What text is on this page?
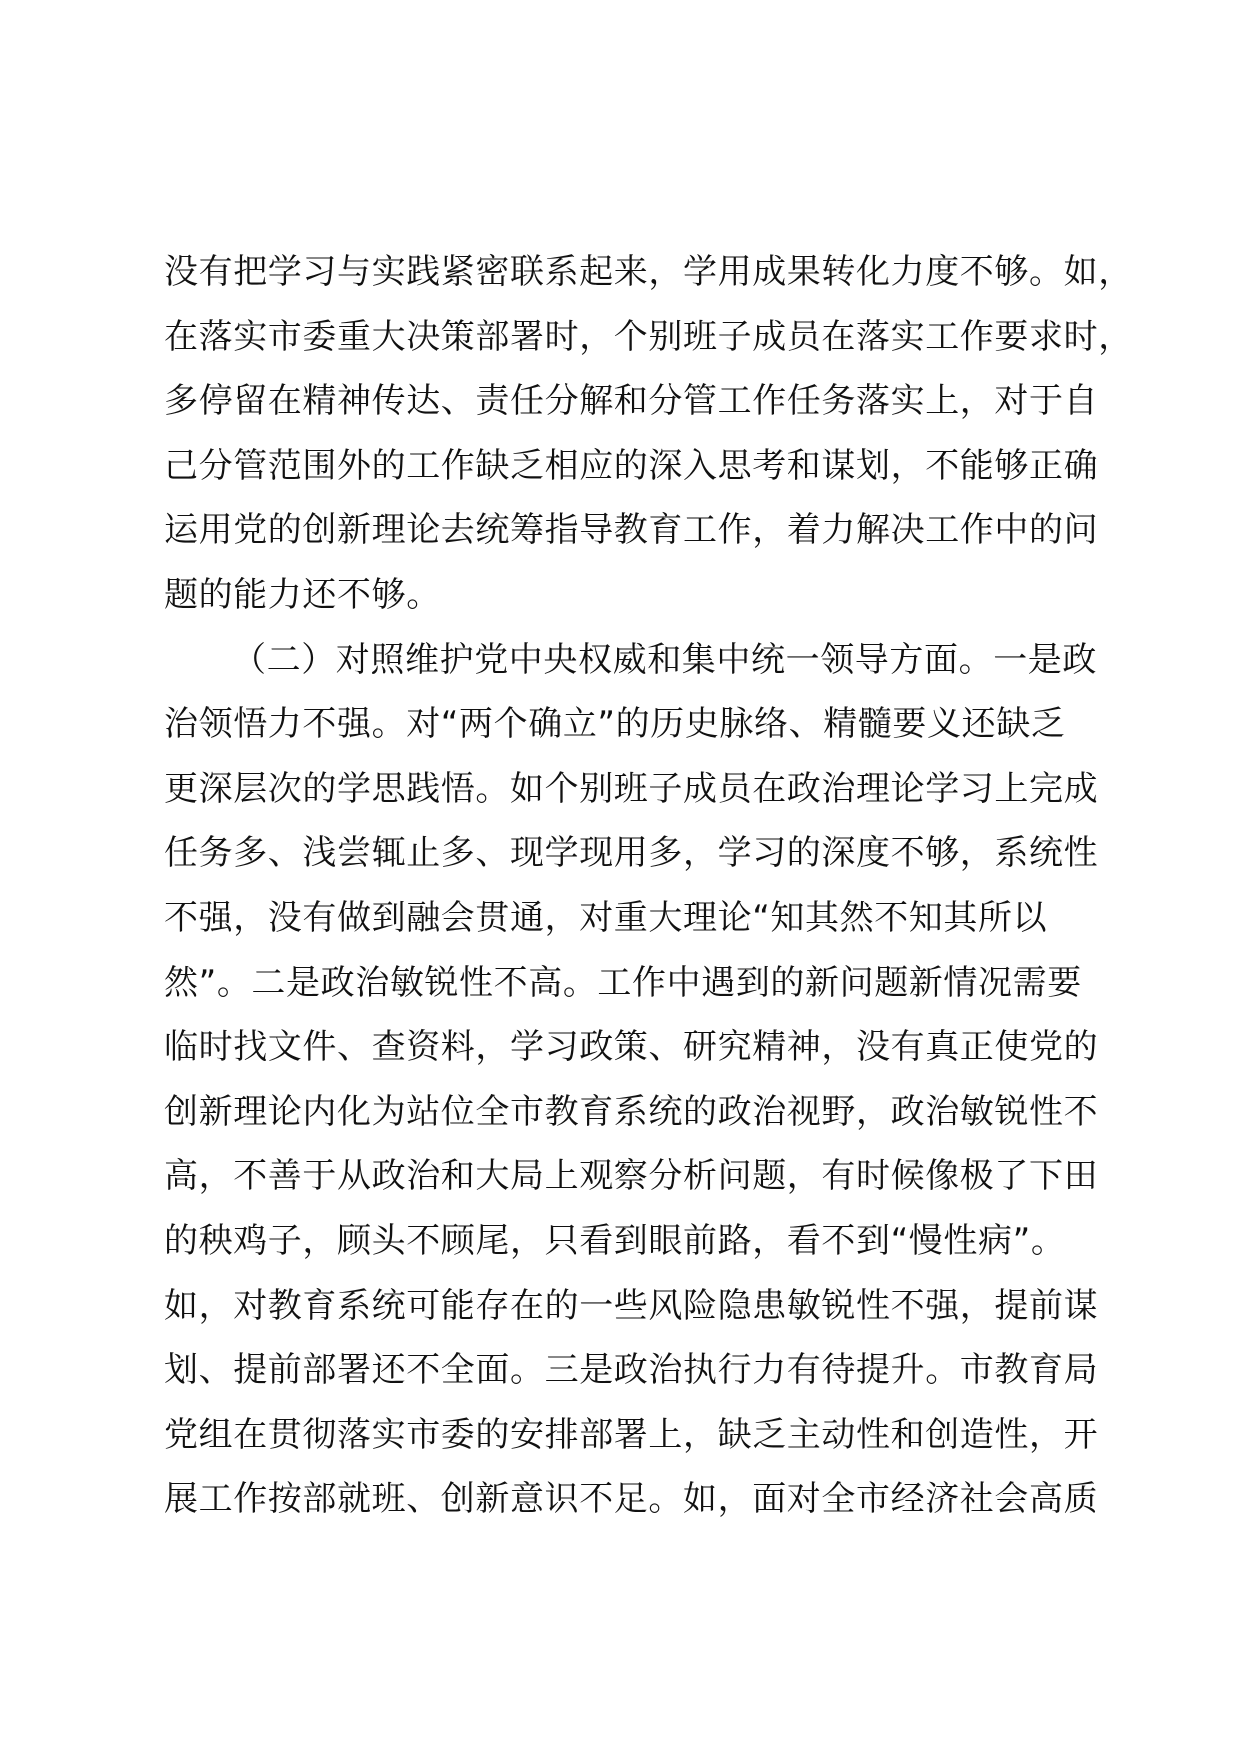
没有把学习与实践紧密联系起来，学用成果转化力度不够。如，
在落实市委重大决策部署时，个别班子成员在落实工作要求时，
多停留在精神传达、责任分解和分管工作任务落实上，对于自
己分管范围外的工作缺乏相应的深入思考和谋划，不能够正确
运用党的创新理论去统筹指导教育工作，着力解决工作中的问
题的能力还不够。
（二）对照维护党中央权威和集中统一领导方面。一是政
治领悟力不强。对“两个确立”的历史脉络、精髓要义还缺乏
更深层次的学思践悟。如个别班子成员在政治理论学习上完成
任务多、浅尝辄止多、现学现用多，学习的深度不够，系统性
不强，没有做到融会贯通，对重大理论“知其然不知其所以
然”。二是政治敏锐性不高。工作中遇到的新问题新情况需要
临时找文件、查资料，学习政策、研究精神，没有真正使党的
创新理论内化为站位全市教育系统的政治视野，政治敏锐性不
高，不善于从政治和大局上观察分析问题，有时候像极了下田
的秧鸡子，顾头不顾尾，只看到眼前路，看不到“慢性病”。
如，对教育系统可能存在的一些风险隐患敏锐性不强，提前谋
划、提前部署还不全面。三是政治执行力有待提升。市教育局
党组在贯彻落实市委的安排部署上，缺乏主动性和创造性，开
展工作按部就班、创新意识不足。如，面对全市经济社会高质
